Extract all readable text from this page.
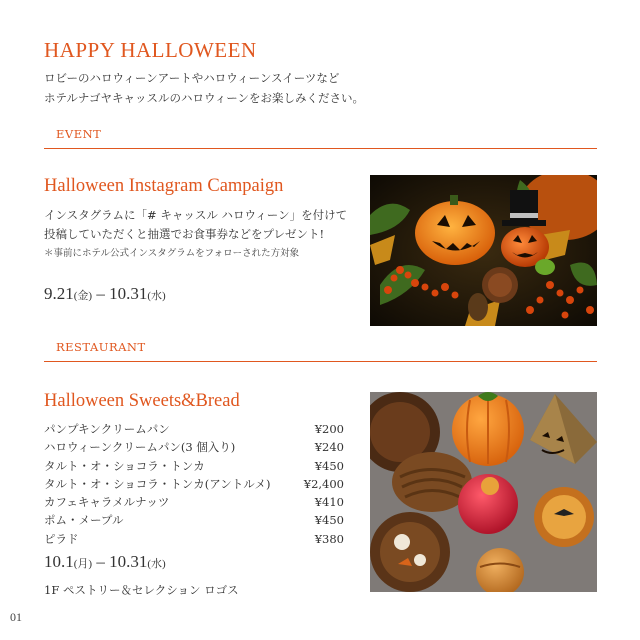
HAPPY HALLOWEEN
ロビーのハロウィーンアートやハロウィーンスイーツなど
ホテルナゴヤキャッスルのハロウィーンをお楽しみください。
EVENT
Halloween Instagram Campaign
インスタグラムに「# キャッスル ハロウィーン」を付けて
投稿していただくと抽選でお食事券などをプレゼント!
＊事前にホテル公式インスタグラムをフォローされた方対象
9.21(金) – 10.31(水)
RESTAURANT
Halloween Sweets&Bread
パンプキンクリームパン	¥200
ハロウィーンクリームパン(3 個入り)	¥240
タルト・オ・ショコラ・トンカ	¥450
タルト・オ・ショコラ・トンカ(アントルメ)	¥2,400
カフェキャラメルナッツ	¥410
ポム・メープル	¥450
ピラド	¥380
10.1(月) – 10.31(水)
1F ペストリー＆セレクション ロゴス
01
